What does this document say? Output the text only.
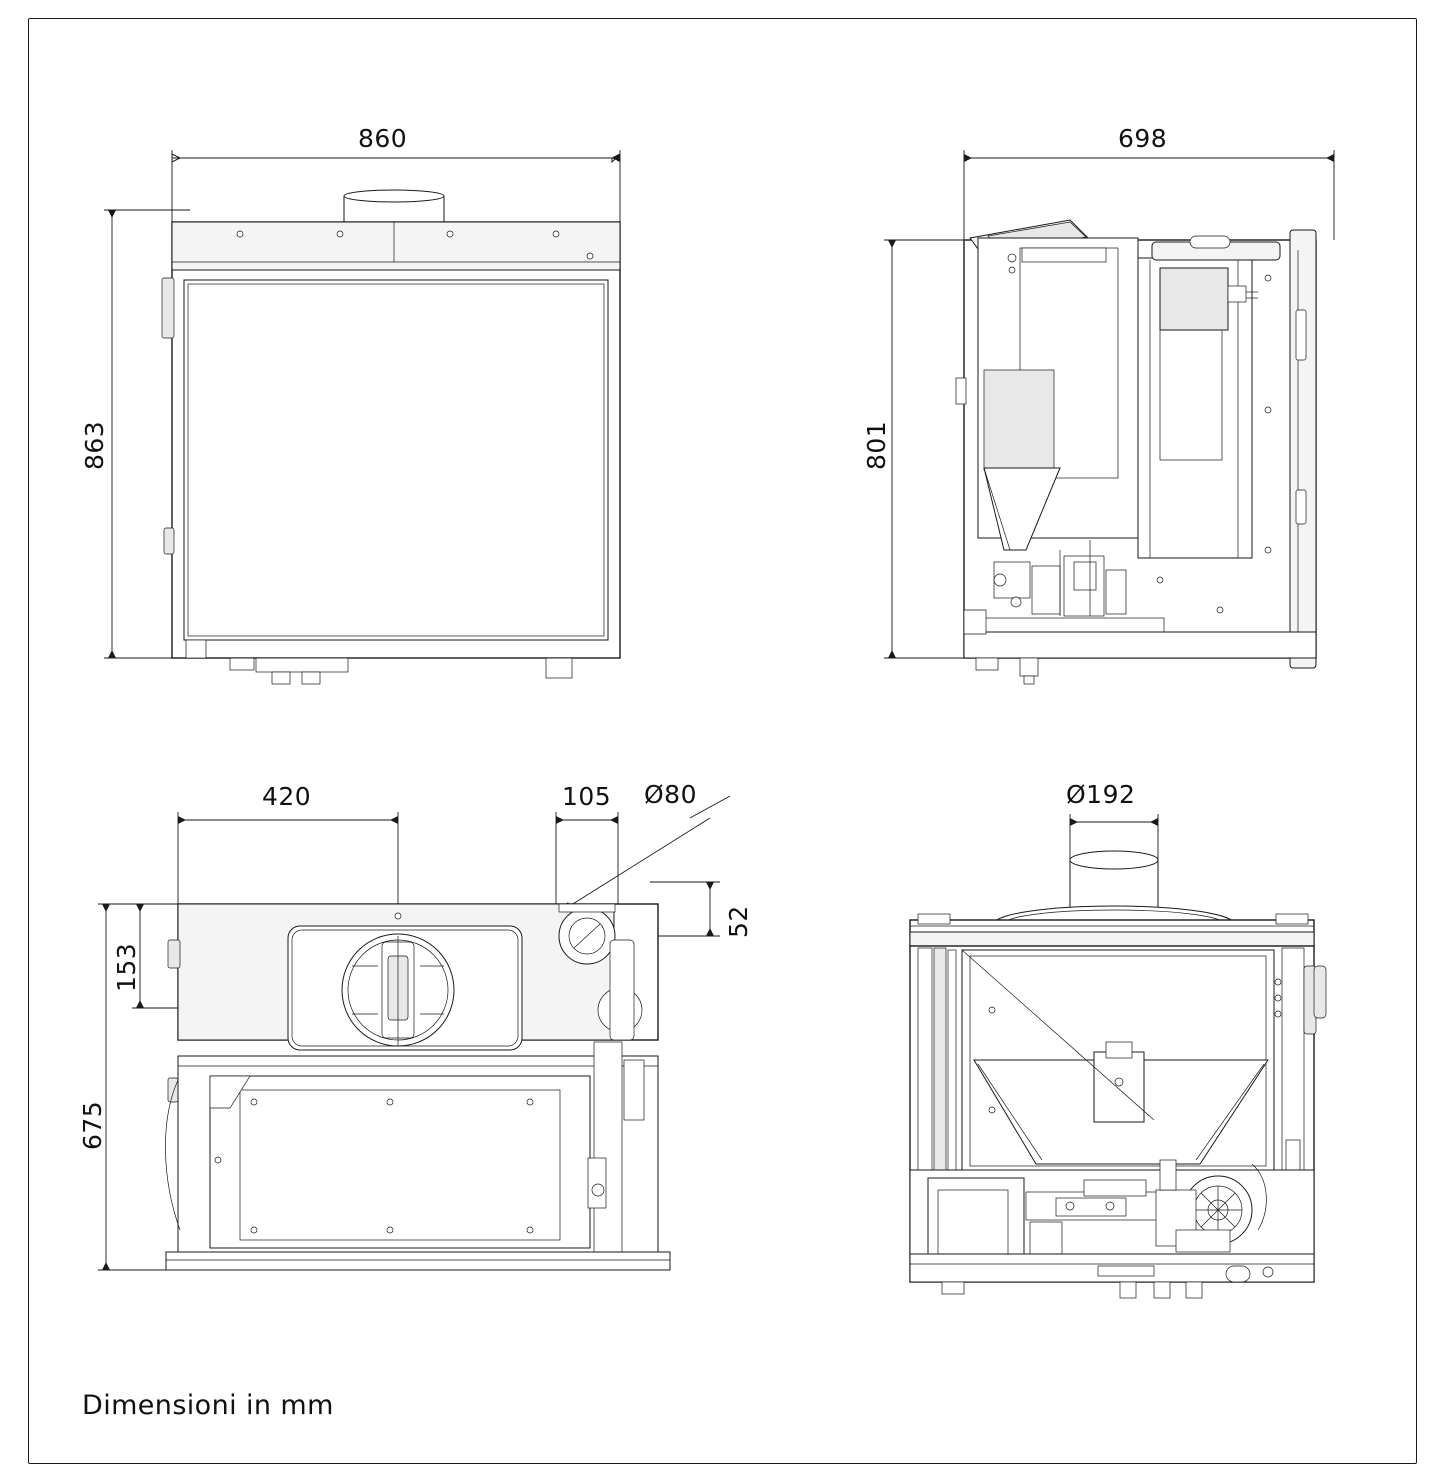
860
863
698
801
420	105 Ø80
52
153
675
Ø192
Dimensioni in mm
